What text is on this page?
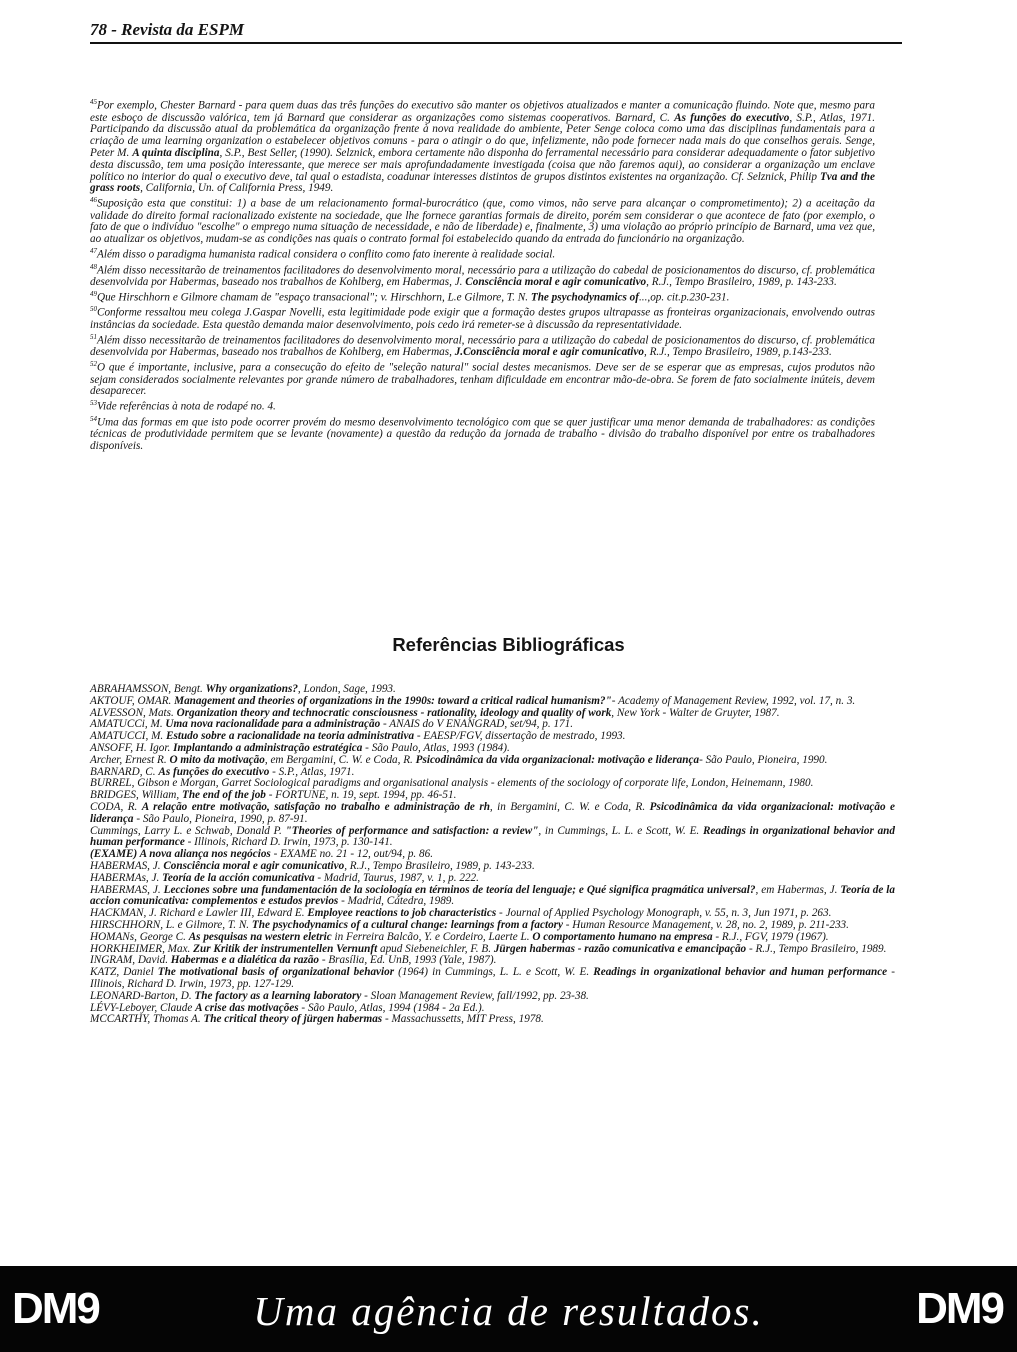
78 - Revista da ESPM

$^{45}$Por exemplo, Chester Barnard - para quem duas das três funções do executivo são manter os objetivos atualizados e manter a comunicação fluindo. Note que, mesmo para este esboço de discussão valórica, tem já Barnard que considerar as organizações como sistemas cooperativos. Barnard, C. As funções do executivo, S.P., Atlas, 1971. Participando da discussão atual da problemática da organização frente à nova realidade do ambiente, Peter Senge coloca como uma das disciplinas fundamentais para a criação de uma learning organization o estabelecer objetivos comuns - para o atingir o do que, infelizmente, não pode fornecer nada mais do que conselhos gerais. Senge, Peter M. A quinta disciplina, S.P., Best Seller, (1990). Selznick, embora certamente não disponha do ferramental necessário para considerar adequadamente o fator subjetivo desta discussão, tem uma posição interessante, que merece ser mais aprofundadamente investigada (coisa que não faremos aqui), ao considerar a organização um enclave político no interior do qual o executivo deve, tal qual o estadista, coadunar interesses distintos de grupos distintos existentes na organização. Cf. Selznick, Philip Tva and the grass roots, California, Un. of California Press, 1949.

$^{46}$Suposição esta que constitui: 1) a base de um relacionamento formal-burocrático (que, como vimos, não serve para alcançar o comprometimento); 2) a aceitação da validade do direito formal racionalizado existente na sociedade, que lhe fornece garantias formais de direito, porém sem considerar o que acontece de fato (por exemplo, o fato de que o indivíduo "escolhe" o emprego numa situação de necessidade, e não de liberdade) e, finalmente, 3) uma violação ao próprio princípio de Barnard, uma vez que, ao atualizar os objetivos, mudam-se as condições nas quais o contrato formal foi estabelecido quando da entrada do funcionário na organização.

$^{47}$Além disso o paradigma humanista radical considera o conflito como fato inerente à realidade social.

$^{48}$Além disso necessitarão de treinamentos facilitadores do desenvolvimento moral, necessário para a utilização do cabedal de posicionamentos do discurso, cf. problemática desenvolvida por Habermas, baseado nos trabalhos de Kohlberg, em Habermas, J. Consciência moral e agir comunicativo, R.J., Tempo Brasileiro, 1989, p. 143-233.

$^{49}$Que Hirschhorn e Gilmore chamam de "espaço transacional"; v. Hirschhorn, L.e Gilmore, T. N. The psychodynamics of...,op. cit.p.230-231.

$^{50}$Conforme ressaltou meu colega J.Gaspar Novelli, esta legitimidade pode exigir que a formação destes grupos ultrapasse as fronteiras organizacionais, envolvendo outras instâncias da sociedade. Esta questão demanda maior desenvolvimento, pois cedo irá remeter-se à discussão da representatividade.

$^{51}$Além disso necessitarão de treinamentos facilitadores do desenvolvimento moral, necessário para a utilização do cabedal de posicionamentos do discurso, cf. problemática desenvolvida por Habermas, baseado nos trabalhos de Kohlberg, em Habermas, J.Consciência moral e agir comunicativo, R.J., Tempo Brasileiro, 1989, p.143-233.

$^{52}$O que é importante, inclusive, para a consecução do efeito de "seleção natural" social destes mecanismos. Deve ser de se esperar que as empresas, cujos produtos não sejam considerados socialmente relevantes por grande número de trabalhadores, tenham dificuldade em encontrar mão-de-obra. Se forem de fato socialmente inúteis, devem desaparecer.

$^{53}$Vide referências à nota de rodapé no. 4.

$^{54}$Uma das formas em que isto pode ocorrer provém do mesmo desenvolvimento tecnológico com que se quer justificar uma menor demanda de trabalhadores: as condições técnicas de produtividade permitem que se levante (novamente) a questão da redução da jornada de trabalho - divisão do trabalho disponível por entre os trabalhadores disponíveis.

Referências Bibliográficas

ABRAHAMSSON, Bengt. Why organizations?, London, Sage, 1993.

AKTOUF, OMAR. Management and theories of organizations in the 1990s: toward a critical radical humanism?"- Academy of Management Review, 1992, vol. 17, n. 3.

ALVESSON, Mats. Organization theory and technocratic consciousness - rationality, ideology and quality of work, New York - Walter de Gruyter, 1987.

AMATUCCi, M. Uma nova racionalidade para a administração - ANAIS do V ENANGRAD, set/94, p. 171.

AMATUCCI, M. Estudo sobre a racionalidade na teoria administrativa - EAESP/FGV, dissertação de mestrado, 1993.

ANSOFF, H. Igor. Implantando a administração estratégica - São Paulo, Atlas, 1993 (1984).

Archer, Ernest R. O mito da motivação, em Bergamini, C. W. e Coda, R. Psicodinâmica da vida organizacional: motivação e liderança- São Paulo, Pioneira, 1990.

BARNARD, C. As funções do executivo - S.P., Atlas, 1971.

BURREL, Gibson e Morgan, Garret Sociological paradigms and organisational analysis - elements of the sociology of corporate life, London, Heinemann, 1980.

BRIDGES, William, The end of the job - FORTUNE, n. 19, sept. 1994, pp. 46-51.

CODA, R. A relação entre motivação, satisfação no trabalho e administração de rh, in Bergamini, C. W. e Coda, R. Psicodinâmica da vida organizacional: motivação e liderança - São Paulo, Pioneira, 1990, p. 87-91.

Cummings, Larry L. e Schwab, Donald P. "Theories of performance and satisfaction: a review", in Cummings, L. L. e Scott, W. E. Readings in organizational behavior and human performance - Illinois, Richard D. Irwin, 1973, p. 130-141.

(EXAME) A nova aliança nos negócios - EXAME no. 21 - 12, out/94, p. 86.

HABERMAS, J. Consciência moral e agir comunicativo, R.J., Tempo Brasileiro, 1989, p. 143-233.

HABERMAs, J. Teoría de la acción comunicativa - Madrid, Taurus, 1987, v. 1, p. 222.

HABERMAS, J. Lecciones sobre una fundamentación de la sociología en términos de teoría del lenguaje; e Qué significa pragmática universal?, em Habermas, J. Teoría de la accion comunicativa: complementos e estudos previos - Madrid, Cátedra, 1989.

HACKMAN, J. Richard e Lawler III, Edward E. Employee reactions to job characteristics - Journal of Applied Psychology Monograph, v. 55, n. 3, Jun 1971, p. 263.

HIRSCHHORN, L. e Gilmore, T. N. The psychodynamics of a cultural change: learnings from a factory - Human Resource Management, v. 28, no. 2, 1989, p. 211-233.

HOMANs, George C. As pesquisas na western eletric in Ferreira Balcão, Y. e Cordeiro, Laerte L. O comportamento humano na empresa - R.J., FGV, 1979 (1967).

HORKHEIMER, Max. Zur Kritik der instrumentellen Vernunft apud Siebeneichler, F. B. Jürgen habermas - razão comunicativa e emancipação - R.J., Tempo Brasileiro, 1989.

INGRAM, David. Habermas e a dialética da razão - Brasília, Ed. UnB, 1993 (Yale, 1987).

KATZ, Daniel The motivational basis of organizational behavior (1964) in Cummings, L. L. e Scott, W. E. Readings in organizational behavior and human performance - Illinois, Richard D. Irwin, 1973, pp. 127-129.

LEONARD-Barton, D. The factory as a learning laboratory - Sloan Management Review, fall/1992, pp. 23-38.

LÉVY-Leboyer, Claude A crise das motivações - São Paulo, Atlas, 1994 (1984 - 2a Ed.).

MCCARTHY, Thomas A. The critical theory of jürgen habermas - Massachussetts, MIT Press, 1978.

DM9	Uma agência de resultados.	DM9
